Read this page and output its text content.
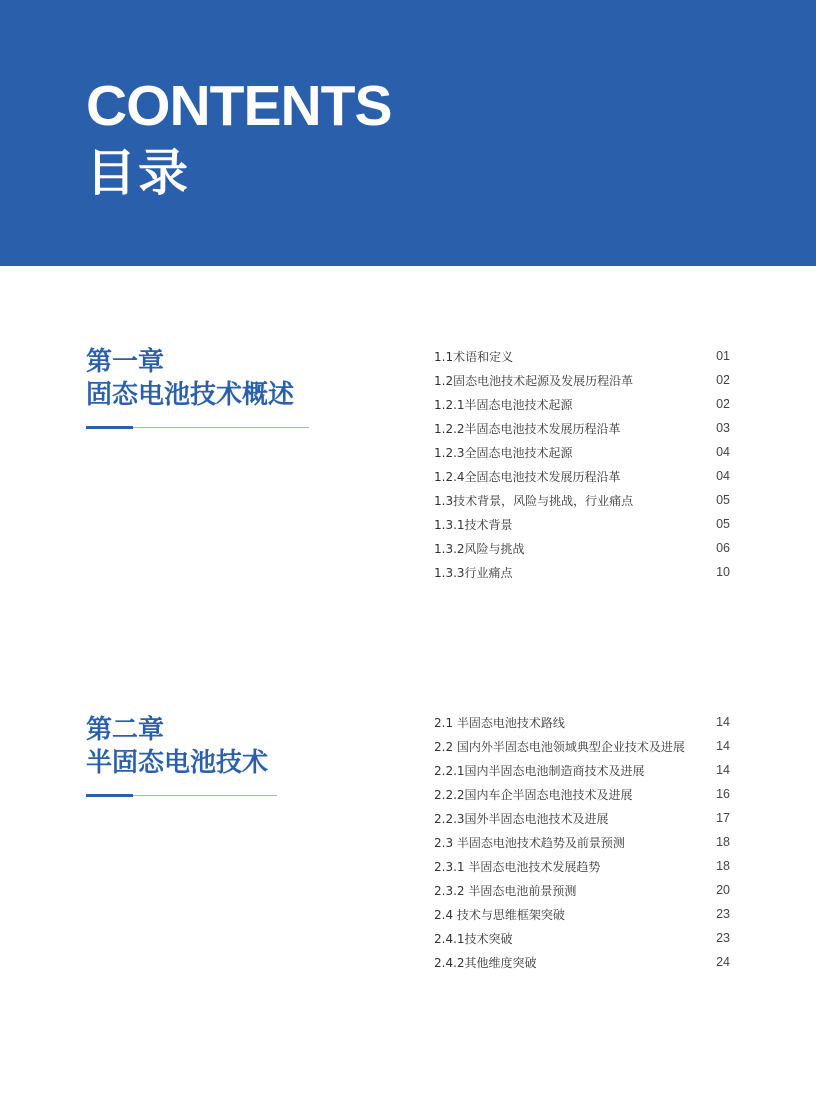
CONTENTS
目录
第一章
固态电池技术概述
1.1术语和定义	01
1.2固态电池技术起源及发展历程沿革	02
1.2.1半固态电池技术起源	02
1.2.2半固态电池技术发展历程沿革	03
1.2.3全固态电池技术起源	04
1.2.4全固态电池技术发展历程沿革	04
1.3技术背景，风险与挑战，行业痛点	05
1.3.1技术背景	05
1.3.2风险与挑战	06
1.3.3行业痛点	10
第二章
半固态电池技术
2.1 半固态电池技术路线	14
2.2 国内外半固态电池领域典型企业技术及进展 14
2.2.1国内半固态电池制造商技术及进展	14
2.2.2国内车企半固态电池技术及进展	16
2.2.3国外半固态电池技术及进展	17
2.3 半固态电池技术趋势及前景预测	18
2.3.1 半固态电池技术发展趋势	18
2.3.2 半固态电池前景预测	20
2.4 技术与思维框架突破	23
2.4.1技术突破	23
2.4.2其他维度突破	24
